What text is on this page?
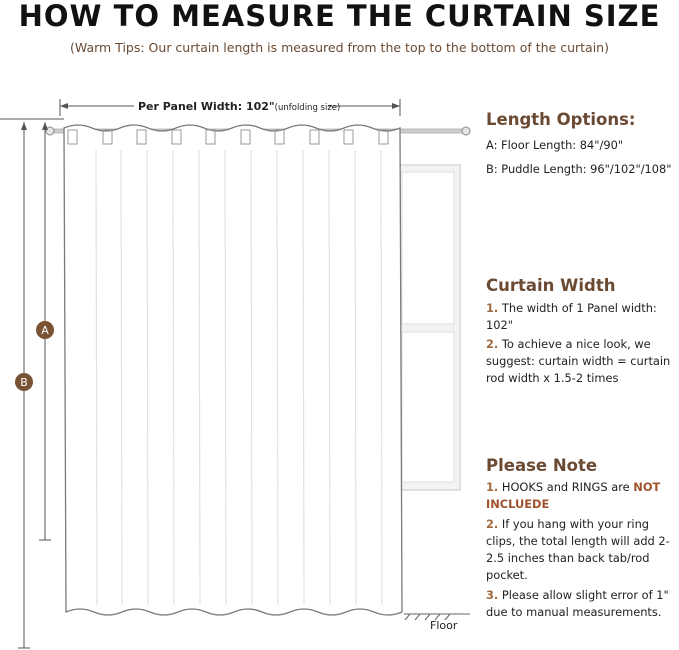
HOW TO MEASURE THE CURTAIN SIZE
(Warm Tips: Our curtain length is measured from the top to the bottom of the curtain)
Per Panel Width: 102"(unfolding size)
A
B
Floor
Length Options:
A: Floor Length: 84"/90"
B: Puddle Length: 96"/102"/108"
Curtain Width
1. The width of 1 Panel width: 102"
2. To achieve a nice look, we suggest: curtain width = curtain rod width x 1.5-2 times
Please Note
1. HOOKS and RINGS are NOT INCLUEDE
2. If you hang with your ring clips, the total length will add 2-2.5 inches than back tab/rod pocket.
3. Please allow slight error of 1" due to manual measurements.
